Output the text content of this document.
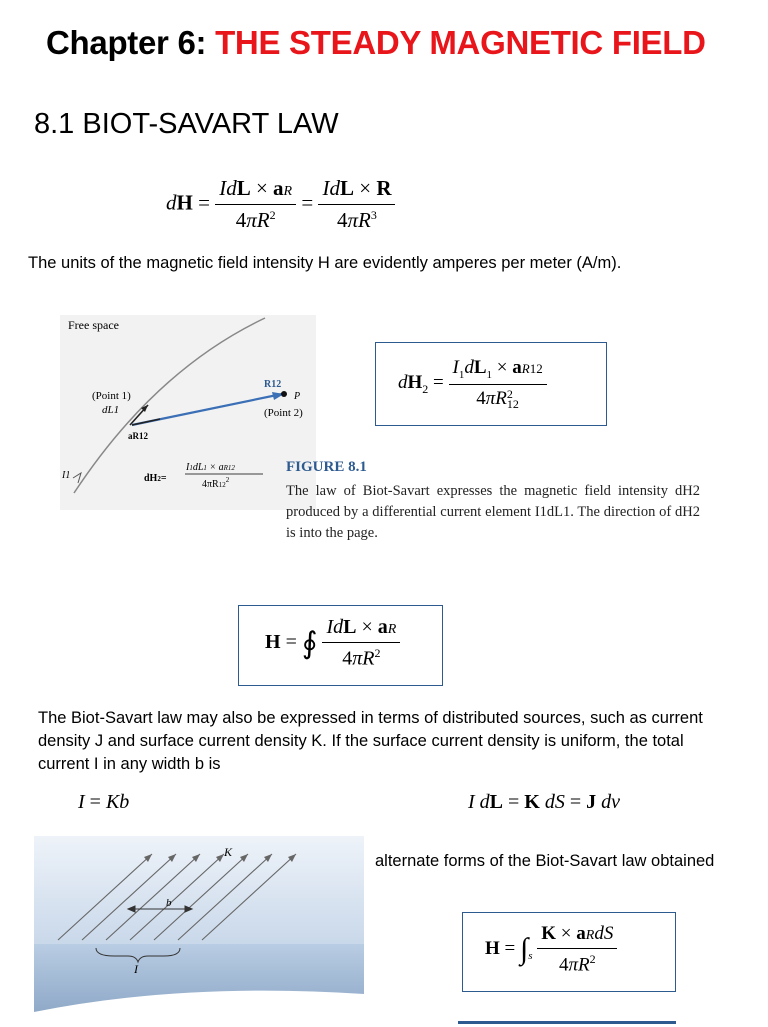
Chapter 6: THE STEADY MAGNETIC FIELD
8.1 BIOT-SAVART LAW
dH = $\frac{\text{IdL × aR}}{4\pi R^2} = \frac{\text{IdL × R}}{4\pi R^3}$
The units of the magnetic field intensity H are evidently amperes per meter (A/m).
Free space
(Point 1)
dL1
aR12
R12
P
(Point 2)
I1	dH2=
I1dL1 × aR12
$4\pi R12^2$
$dH_2$ =
$I_1dL_1 \times aR12$
4πR2
12
FIGURE 8.1
The law of Biot-Savart expresses the magnetic field intensity dH2 produced by a differential current element I1dL1. The direction of dH2 is into the page.
H = ∮ $\frac{\text{IdL × aR}}{4\pi R^2}$
The Biot-Savart law may also be expressed in terms of distributed sources, such as current density J and surface current density K. If the surface current density is uniform, the total current I in any width b is
I = Kb	I dL = K dS = J dv
K
b
I
alternate forms of the Biot-Savart law obtained
$H = \int_s \frac{\text{K × aRdS}}{4\pi R^2}$
